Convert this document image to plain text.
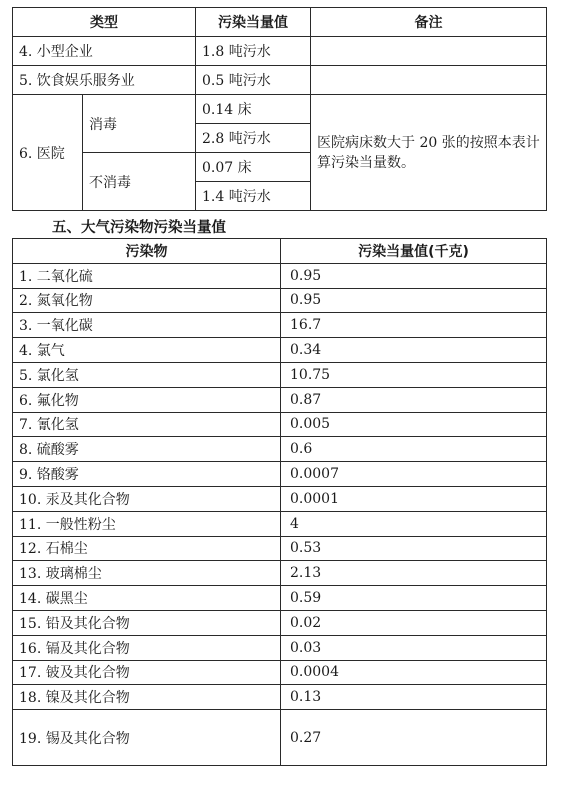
类型		污染当量值	备注
4. 小型企业		1.8 吨污水	
5. 饮食娱乐服务业		0.5 吨污水	
6. 医院	消毒	0.14 床	医院病床数大于 20 张的按照本表计算污染当量数。
		2.8 吨污水	
	不消毒	0.07 床	
		1.4 吨污水	
五、大气污染物污染当量值
污染物	污染当量值(千克)
1. 二氧化硫	0.95
2. 氮氧化物	0.95
3. 一氧化碳	16.7
4. 氯气	0.34
5. 氯化氢	10.75
6. 氟化物	0.87
7. 氰化氢	0.005
8. 硫酸雾	0.6
9. 铬酸雾	0.0007
10. 汞及其化合物	0.0001
11. 一般性粉尘	4
12. 石棉尘	0.53
13. 玻璃棉尘	2.13
14. 碳黑尘	0.59
15. 铅及其化合物	0.02
16. 镉及其化合物	0.03
17. 铍及其化合物	0.0004
18. 镍及其化合物	0.13
19. 锡及其化合物	0.27
